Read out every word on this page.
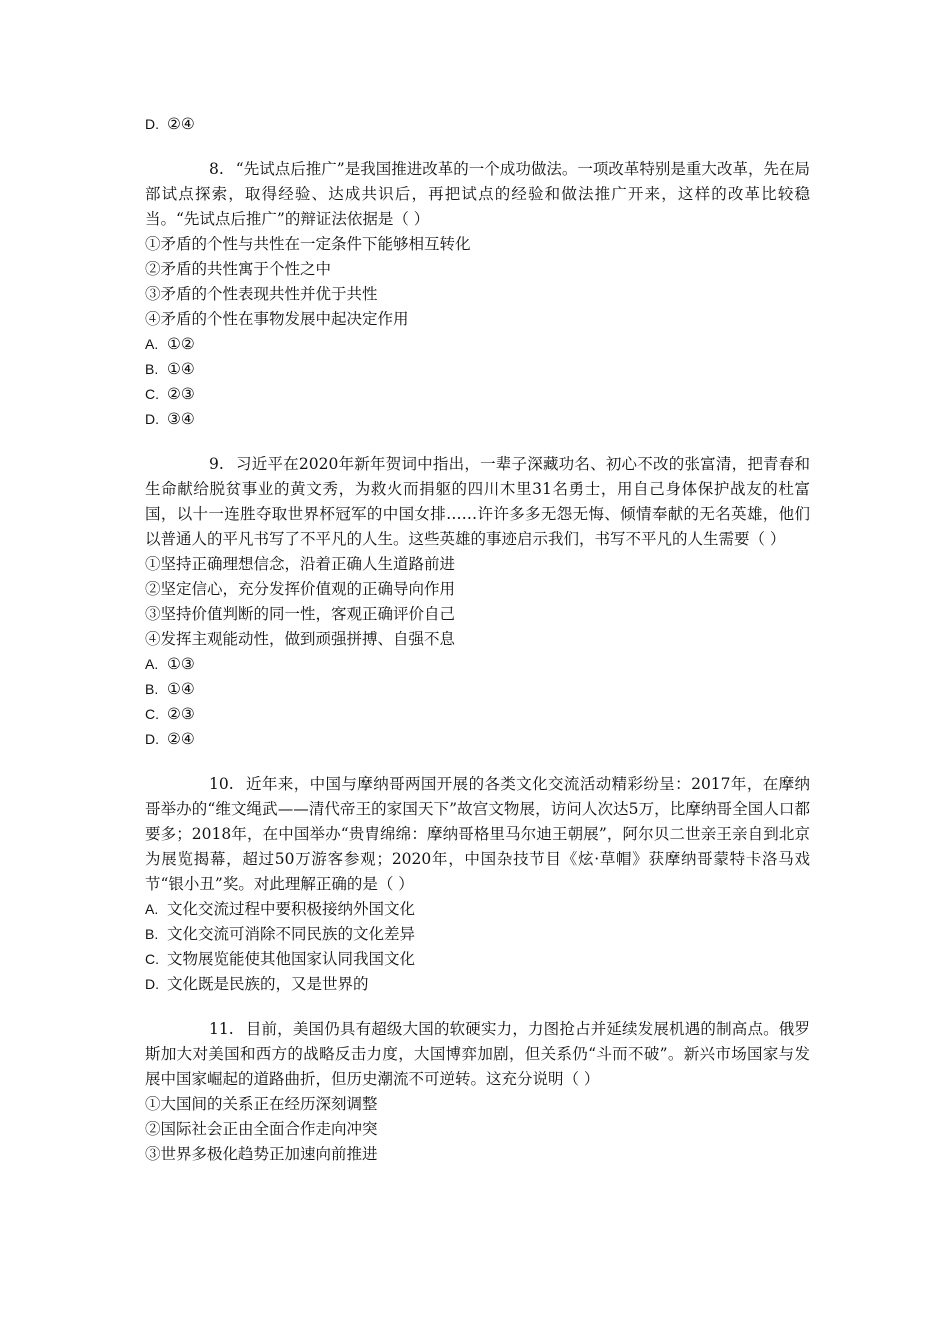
D. ②④
8. “先试点后推广”是我国推进改革的一个成功做法。一项改革特别是重大改革，先在局部试点探索，取得经验、达成共识后，再把试点的经验和做法推广开来，这样的改革比较稳当。“先试点后推广”的辩证法依据是（ ）
①矛盾的个性与共性在一定条件下能够相互转化
②矛盾的共性寓于个性之中
③矛盾的个性表现共性并优于共性
④矛盾的个性在事物发展中起决定作用
A. ①②
B. ①④
C. ②③
D. ③④
9. 习近平在2020年新年贺词中指出，一辈子深藏功名、初心不改的张富清，把青春和生命献给脱贫事业的黄文秀，为救火而捐躯的四川木里31名勇士，用自己身体保护战友的杜富国，以十一连胜夺取世界杯冠军的中国女排……许许多多无怨无悔、倾情奉献的无名英雄，他们以普通人的平凡书写了不平凡的人生。这些英雄的事迹启示我们，书写不平凡的人生需要（ ）
①坚持正确理想信念，沿着正确人生道路前进
②坚定信心，充分发挥价值观的正确导向作用
③坚持价值判断的同一性，客观正确评价自己
④发挥主观能动性，做到顽强拼搏、自强不息
A. ①③
B. ①④
C. ②③
D. ②④
10. 近年来，中国与摩纳哥两国开展的各类文化交流活动精彩纷呈：2017年，在摩纳哥举办的“维文绳武——清代帝王的家国天下”故宫文物展，访问人次达5万，比摩纳哥全国人口都要多；2018年，在中国举办“贵胄绵绵：摩纳哥格里马尔迪王朝展”，阿尔贝二世亲王亲自到北京为展览揭幕，超过50万游客参观；2020年，中国杂技节目《炫·草帽》获摩纳哥蒙特卡洛马戏节“银小丑”奖。对此理解正确的是（ ）
A. 文化交流过程中要积极接纳外国文化
B. 文化交流可消除不同民族的文化差异
C. 文物展览能使其他国家认同我国文化
D. 文化既是民族的，又是世界的
11. 目前，美国仍具有超级大国的软硬实力，力图抢占并延续发展机遇的制高点。俄罗斯加大对美国和西方的战略反击力度，大国博弈加剧，但关系仍“斗而不破”。新兴市场国家与发展中国家崛起的道路曲折，但历史潮流不可逆转。这充分说明（ ）
①大国间的关系正在经历深刻调整
②国际社会正由全面合作走向冲突
③世界多极化趋势正加速向前推进
